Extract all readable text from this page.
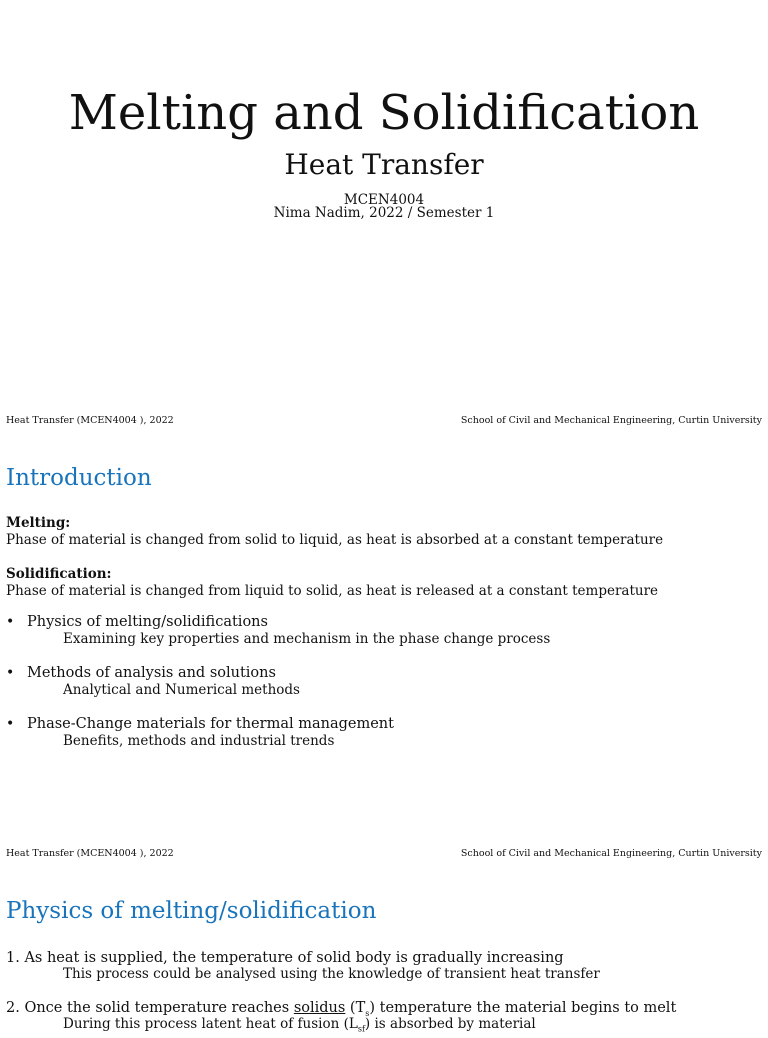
Melting and Solidification
Heat Transfer
MCEN4004
Nima Nadim, 2022 / Semester 1
Heat Transfer (MCEN4004 ), 2022	School of Civil and Mechanical Engineering, Curtin University
Introduction
Melting:
Phase of material is changed from solid to liquid, as heat is absorbed at a constant temperature
Solidification:
Phase of material is changed from liquid to solid, as heat is released at a constant temperature
• Physics of melting/solidifications
Examining key properties and mechanism in the phase change process
• Methods of analysis and solutions
Analytical and Numerical methods
• Phase-Change materials for thermal management
Benefits, methods and industrial trends
Heat Transfer (MCEN4004 ), 2022	School of Civil and Mechanical Engineering, Curtin University
Physics of melting/solidification
1. As heat is supplied, the temperature of solid body is gradually increasing
This process could be analysed using the knowledge of transient heat transfer
2. Once the solid temperature reaches solidus $(T_s)$ temperature the material begins to melt
During this process latent heat of fusion $(L_{sf})$ is absorbed by material
